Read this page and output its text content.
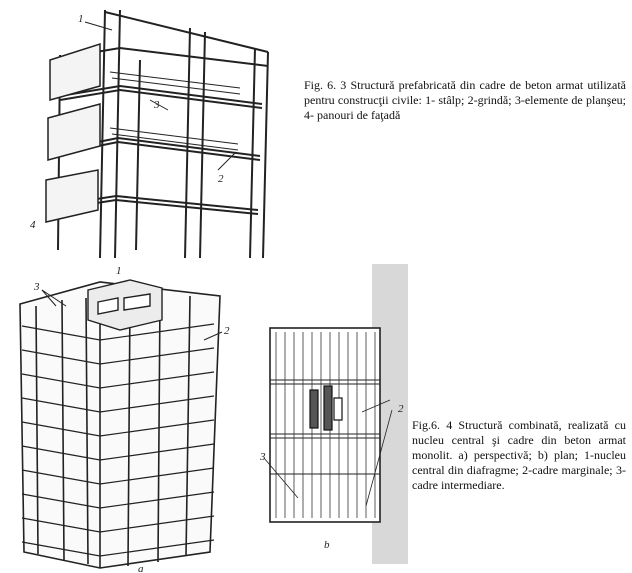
1
3
2
4
Fig. 6. 3 Structură prefabricată din cadre de beton armat utilizată pentru construcţii civile: 1- stâlp; 2-grindă; 3-elemente de planşeu; 4- panouri de faţadă
1
3
2
a
3
2
b
Fig.6. 4 Structură combinată, realizată cu nucleu central şi cadre din beton armat monolit. a) perspectivă; b) plan; 1-nucleu central din diafragme; 2-cadre marginale; 3-cadre intermediare.
